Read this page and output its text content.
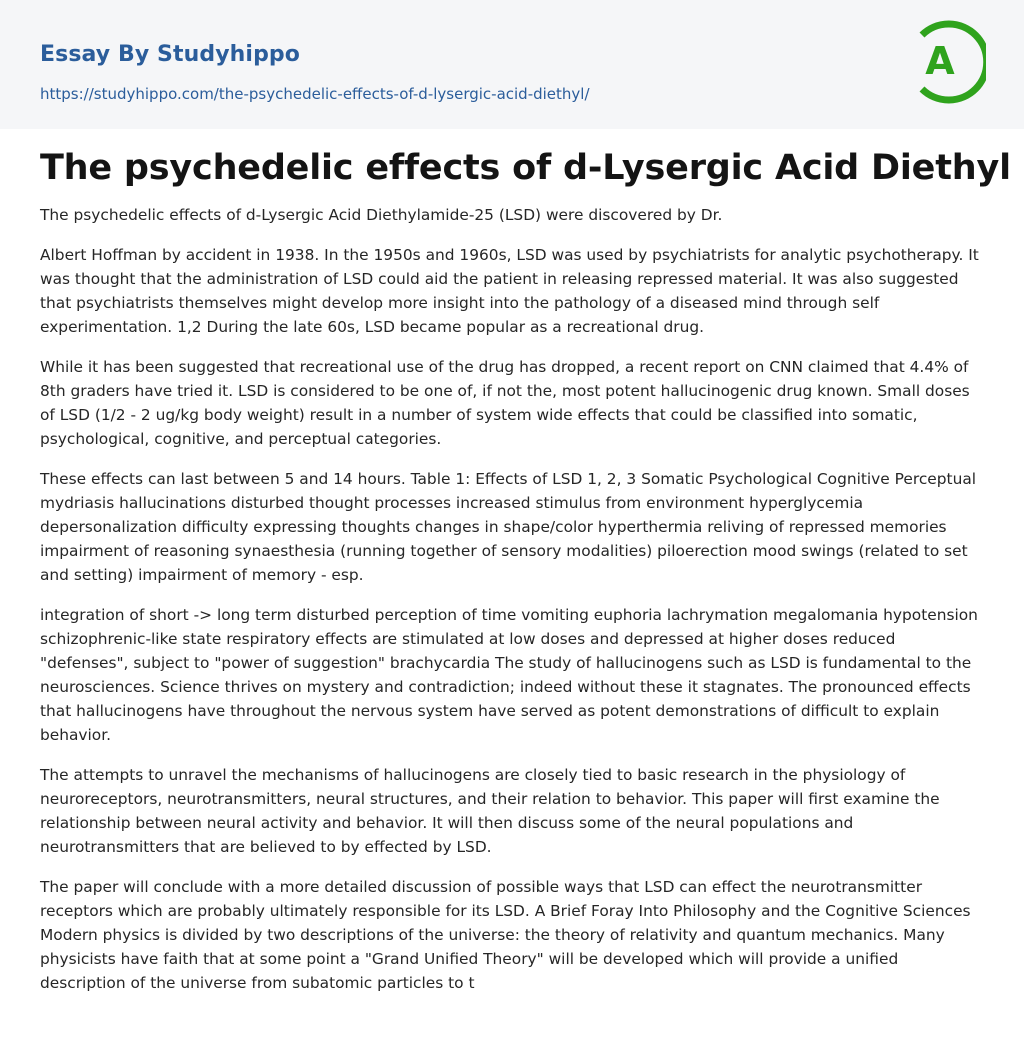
Essay By Studyhippo
https://studyhippo.com/the-psychedelic-effects-of-d-lysergic-acid-diethyl/
A
The psychedelic effects of d-Lysergic Acid Diethyl

The psychedelic effects of d-Lysergic Acid Diethylamide-25 (LSD) were discovered by Dr.

Albert Hoffman by accident in 1938. In the 1950s and 1960s, LSD was used by psychiatrists for analytic psychotherapy. It was thought that the administration of LSD could aid the patient in releasing repressed material. It was also suggested that psychiatrists themselves might develop more insight into the pathology of a diseased mind through self experimentation. 1,2 During the late 60s, LSD became popular as a recreational drug.

While it has been suggested that recreational use of the drug has dropped, a recent report on CNN claimed that 4.4% of 8th graders have tried it. LSD is considered to be one of, if not the, most potent hallucinogenic drug known. Small doses of LSD (1/2 - 2 ug/kg body weight) result in a number of system wide effects that could be classified into somatic, psychological, cognitive, and perceptual categories.

These effects can last between 5 and 14 hours. Table 1: Effects of LSD 1, 2, 3 Somatic Psychological Cognitive Perceptual mydriasis hallucinations disturbed thought processes increased stimulus from environment hyperglycemia depersonalization difficulty expressing thoughts changes in shape/color hyperthermia reliving of repressed memories impairment of reasoning synaesthesia (running together of sensory modalities) piloerection mood swings (related to set and setting) impairment of memory - esp.

integration of short -> long term disturbed perception of time vomiting euphoria lachrymation megalomania hypotension schizophrenic-like state respiratory effects are stimulated at low doses and depressed at higher doses reduced "defenses", subject to "power of suggestion" brachycardia The study of hallucinogens such as LSD is fundamental to the neurosciences. Science thrives on mystery and contradiction; indeed without these it stagnates. The pronounced effects that hallucinogens have throughout the nervous system have served as potent demonstrations of difficult to explain behavior.

The attempts to unravel the mechanisms of hallucinogens are closely tied to basic research in the physiology of neuroreceptors, neurotransmitters, neural structures, and their relation to behavior. This paper will first examine the relationship between neural activity and behavior. It will then discuss some of the neural populations and neurotransmitters that are believed to by effected by LSD.

The paper will conclude with a more detailed discussion of possible ways that LSD can effect the neurotransmitter receptors which are probably ultimately responsible for its LSD. A Brief Foray Into Philosophy and the Cognitive Sciences Modern physics is divided by two descriptions of the universe: the theory of relativity and quantum mechanics. Many physicists have faith that at some point a "Grand Unified Theory" will be developed which will provide a unified description of the universe from subatomic particles to t
